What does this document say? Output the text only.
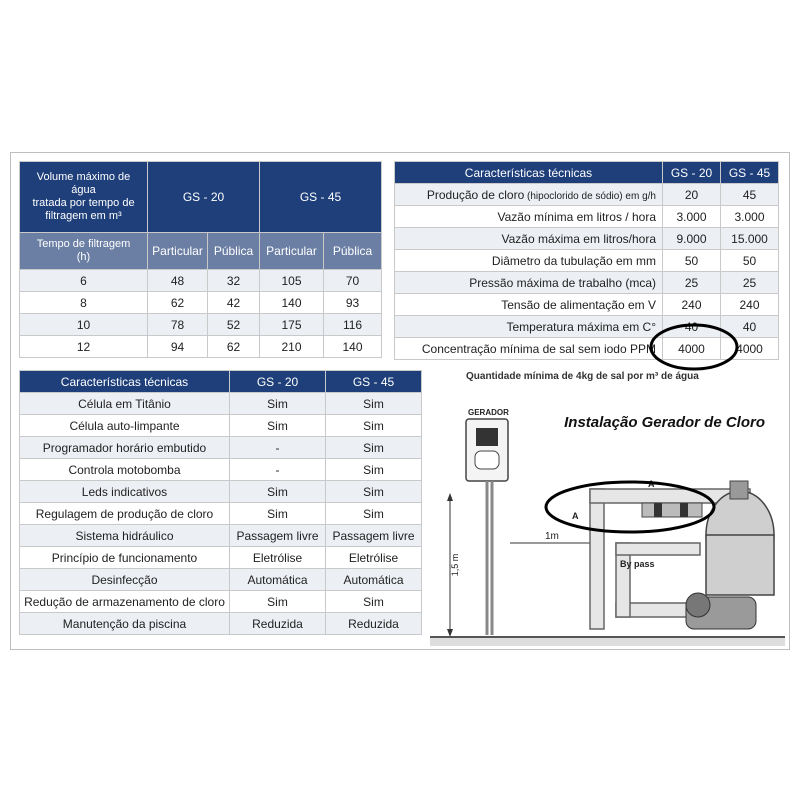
Volume máximo de
água
tratada por tempo de
filtragem em m³	GS - 20		GS - 45	

Tempo de filtragem
(h)	Particular	Pública	Particular	Pública
6	48	32	105	70
8	62	42	140	93
10	78	52	175	116
12	94	62	210	140
Características técnicas	GS - 20	GS - 45
Produção de cloro (hipoclorido de sódio) em g/h	20	45
Vazão mínima em litros / hora	3.000	3.000
Vazão máxima em litros/hora	9.000	15.000
Diâmetro da tubulação em mm	50	50
Pressão máxima de trabalho (mca)	25	25
Tensão de alimentação em V	240	240
Temperatura máxima em C°	40	40
Concentração mínima de sal sem iodo PPM	4000	4000
Características técnicas	GS - 20	GS - 45
Célula em Titânio	Sim	Sim
Célula auto-limpante	Sim	Sim
Programador horário embutido	-	Sim
Controla motobomba	-	Sim
Leds indicativos	Sim	Sim
Regulagem de produção de cloro	Sim	Sim
Sistema hidráulico	Passagem livre	Passagem livre
Princípio de funcionamento	Eletrólise	Eletrólise
Desinfecção	Automática	Automática
Redução de armazenamento de cloro	Sim	Sim
Manutenção da piscina	Reduzida	Reduzida
Quantidade mínima de 4kg de sal por m³ de água
Instalação Gerador de Cloro
GERADOR
1,5 m
1m
A
A
By pass
